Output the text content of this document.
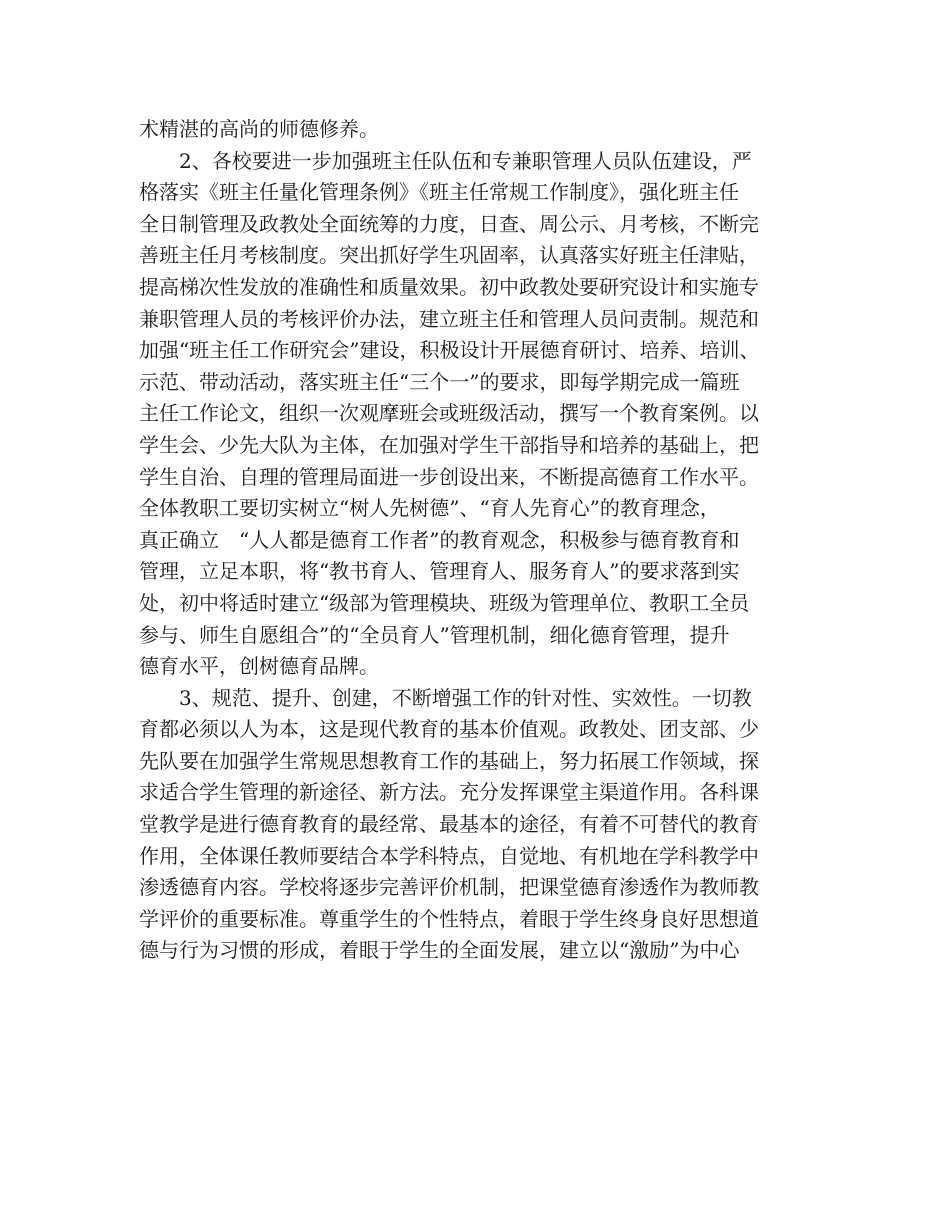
术精湛的高尚的师德修养。
2、各校要进一步加强班主任队伍和专兼职管理人员队伍建设，严
格落实《班主任量化管理条例》《班主任常规工作制度》，强化班主任
全日制管理及政教处全面统筹的力度，日查、周公示、月考核，不断完
善班主任月考核制度。突出抓好学生巩固率，认真落实好班主任津贴，
提高梯次性发放的准确性和质量效果。初中政教处要研究设计和实施专
兼职管理人员的考核评价办法，建立班主任和管理人员问责制。规范和
加强“班主任工作研究会”建设，积极设计开展德育研讨、培养、培训、
示范、带动活动，落实班主任“三个一”的要求，即每学期完成一篇班
主任工作论文，组织一次观摩班会或班级活动，撰写一个教育案例。以
学生会、少先大队为主体，在加强对学生干部指导和培养的基础上，把
学生自治、自理的管理局面进一步创设出来，不断提高德育工作水平。
全体教职工要切实树立“树人先树德”、“育人先育心”的教育理念，
真正确立　“人人都是德育工作者”的教育观念，积极参与德育教育和
管理，立足本职，将“教书育人、管理育人、服务育人”的要求落到实
处，初中将适时建立“级部为管理模块、班级为管理单位、教职工全员
参与、师生自愿组合”的“全员育人”管理机制，细化德育管理，提升
德育水平，创树德育品牌。
3、规范、提升、创建，不断增强工作的针对性、实效性。一切教
育都必须以人为本，这是现代教育的基本价值观。政教处、团支部、少
先队要在加强学生常规思想教育工作的基础上，努力拓展工作领域，探
求适合学生管理的新途径、新方法。充分发挥课堂主渠道作用。各科课
堂教学是进行德育教育的最经常、最基本的途径，有着不可替代的教育
作用，全体课任教师要结合本学科特点，自觉地、有机地在学科教学中
渗透德育内容。学校将逐步完善评价机制，把课堂德育渗透作为教师教
学评价的重要标准。尊重学生的个性特点，着眼于学生终身良好思想道
德与行为习惯的形成，着眼于学生的全面发展，建立以“激励”为中心
